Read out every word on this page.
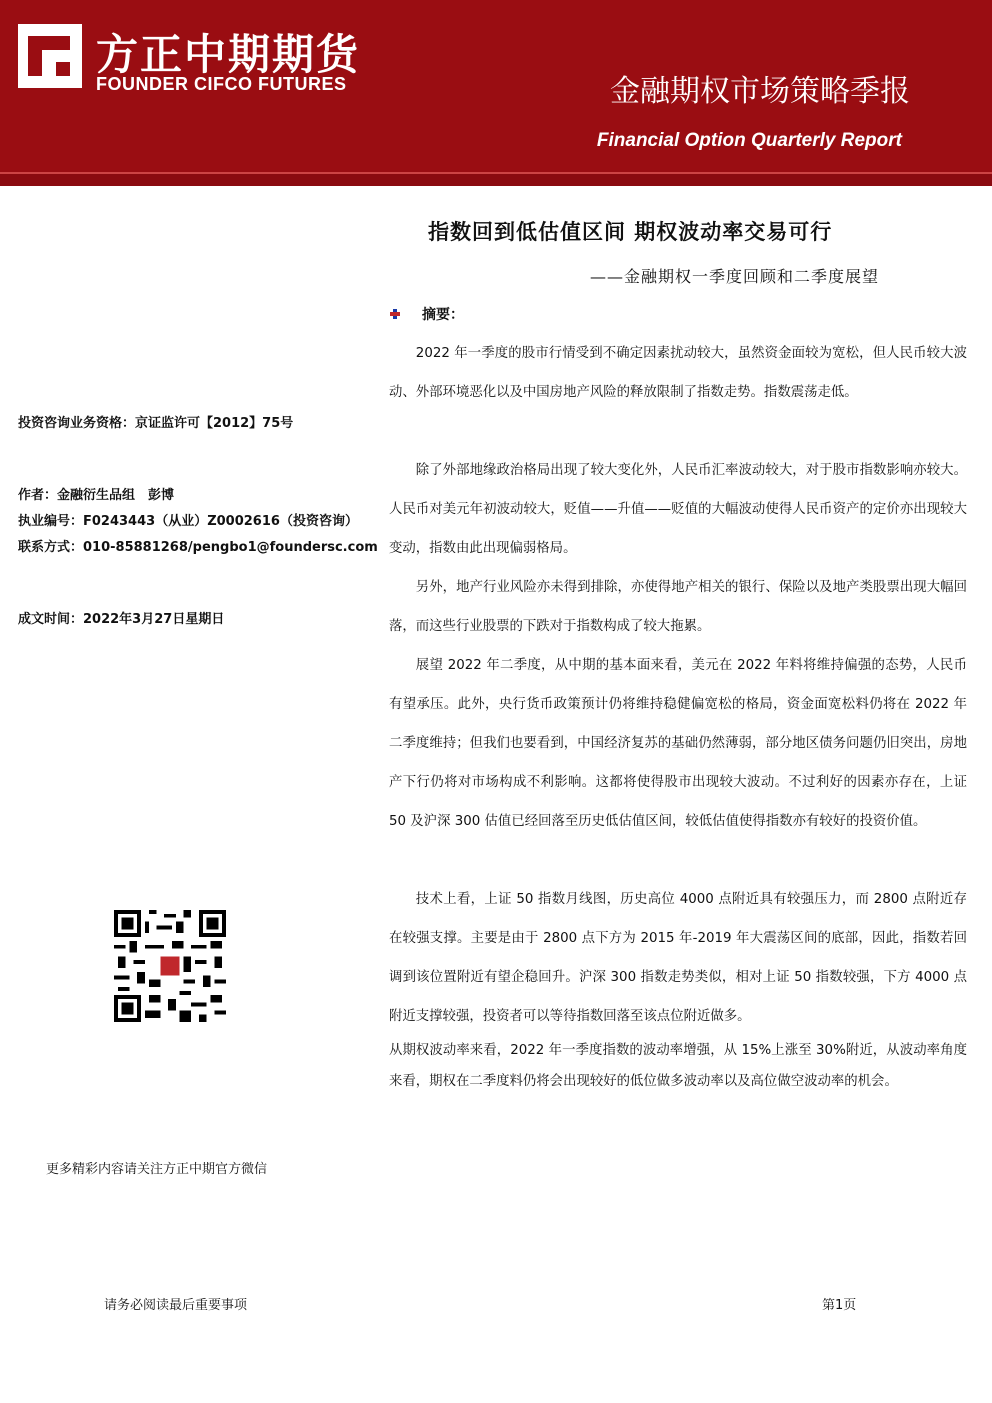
方正中期期货
FOUNDER CIFCO FUTURES	金融期权市场策略季报
Financial Option Quarterly Report
指数回到低估值区间 期权波动率交易可行
——金融期权一季度回顾和二季度展望
投资咨询业务资格：京证监许可【2012】75号
作者：金融衍生品组　彭博
执业编号：F0243443（从业）Z0002616（投资咨询）
联系方式：010-85881268/pengbo1@foundersc.com
成文时间：2022年3月27日星期日
摘要：

2022 年一季度的股市行情受到不确定因素扰动较大，虽然资金面较为宽松，但人民币较大波动、外部环境恶化以及中国房地产风险的释放限制了指数走势。指数震荡走低。

除了外部地缘政治格局出现了较大变化外，人民币汇率波动较大，对于股市指数影响亦较大。人民币对美元年初波动较大，贬值——升值——贬值的大幅波动使得人民币资产的定价亦出现较大变动，指数由此出现偏弱格局。

另外，地产行业风险亦未得到排除，亦使得地产相关的银行、保险以及地产类股票出现大幅回落，而这些行业股票的下跌对于指数构成了较大拖累。

展望 2022 年二季度，从中期的基本面来看，美元在 2022 年料将维持偏强的态势，人民币有望承压。此外，央行货币政策预计仍将维持稳健偏宽松的格局，资金面宽松料仍将在 2022 年二季度维持；但我们也要看到，中国经济复苏的基础仍然薄弱，部分地区债务问题仍旧突出，房地产下行仍将对市场构成不利影响。这都将使得股市出现较大波动。不过利好的因素亦存在，上证 50 及沪深 300 估值已经回落至历史低估值区间，较低估值使得指数亦有较好的投资价值。

技术上看，上证 50 指数月线图，历史高位 4000 点附近具有较强压力，而 2800 点附近存在较强支撑。主要是由于 2800 点下方为 2015 年-2019 年大震荡区间的底部，因此，指数若回调到该位置附近有望企稳回升。沪深 300 指数走势类似，相对上证 50 指数较强，下方 4000 点附近支撑较强，投资者可以等待指数回落至该点位附近做多。

从期权波动率来看，2022 年一季度指数的波动率增强，从 15%上涨至 30%附近，从波动率角度来看，期权在二季度料仍将会出现较好的低位做多波动率以及高位做空波动率的机会。

更多精彩内容请关注方正中期官方微信
请务必阅读最后重要事项	第1页
